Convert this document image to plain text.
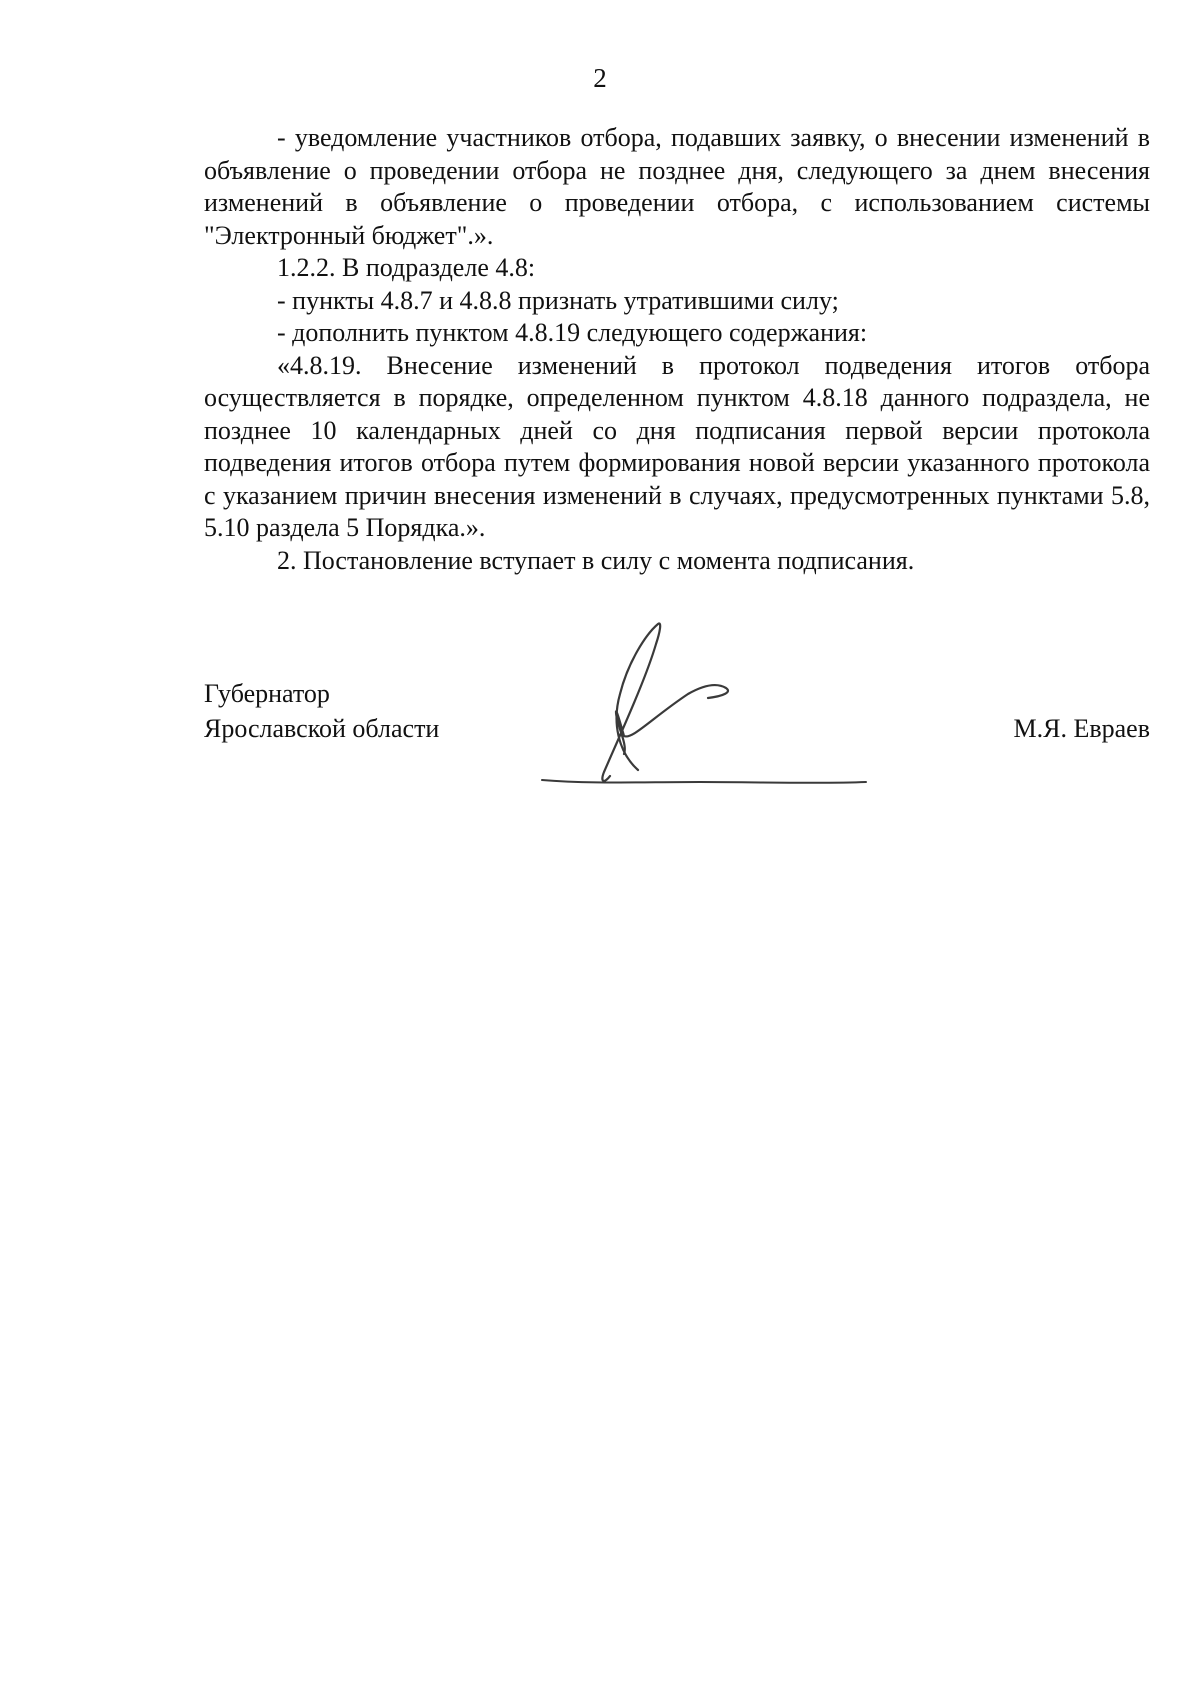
2

- уведомление участников отбора, подавших заявку, о внесении изменений в объявление о проведении отбора не позднее дня, следующего за днем внесения изменений в объявление о проведении отбора, с использованием системы "Электронный бюджет".».

1.2.2. В подразделе 4.8:

- пункты 4.8.7 и 4.8.8 признать утратившими силу;

- дополнить пунктом 4.8.19 следующего содержания:

«4.8.19. Внесение изменений в протокол подведения итогов отбора осуществляется в порядке, определенном пунктом 4.8.18 данного подраздела, не позднее 10 календарных дней со дня подписания первой версии протокола подведения итогов отбора путем формирования новой версии указанного протокола с указанием причин внесения изменений в случаях, предусмотренных пунктами 5.8, 5.10 раздела 5 Порядка.».

2. Постановление вступает в силу с момента подписания.

Губернатор
Ярославской области	М.Я. Евраев
